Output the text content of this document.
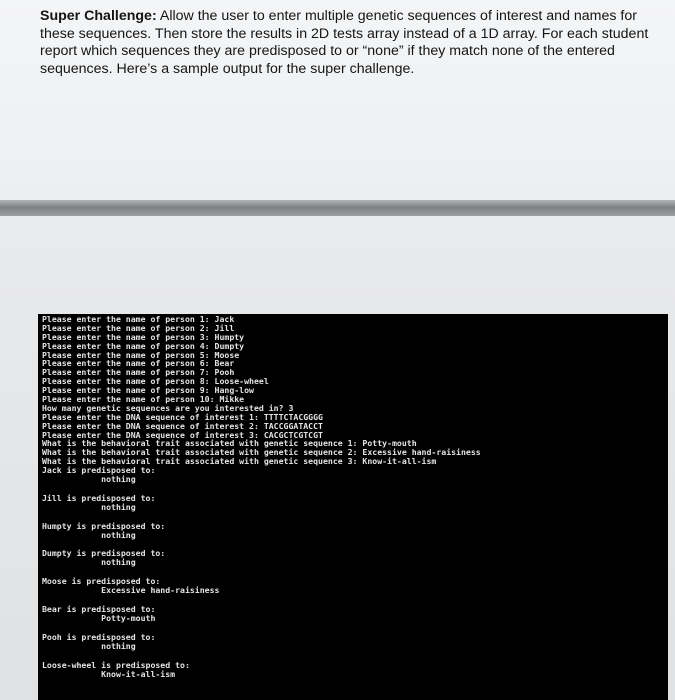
Super Challenge: Allow the user to enter multiple genetic sequences of interest and names for these sequences. Then store the results in 2D tests array instead of a 1D array. For each student report which sequences they are predisposed to or “none” if they match none of the entered sequences. Here’s a sample output for the super challenge.

Please enter the name of person 1: Jack
Please enter the name of person 2: Jill
Please enter the name of person 3: Humpty
Please enter the name of person 4: Dumpty
Please enter the name of person 5: Moose
Please enter the name of person 6: Bear
Please enter the name of person 7: Pooh
Please enter the name of person 8: Loose-wheel
Please enter the name of person 9: Hang-low
Please enter the name of person 10: Mikke
How many genetic sequences are you interested in? 3
Please enter the DNA sequence of interest 1: TTTTCTACGGGG
Please enter the DNA sequence of interest 2: TACCGGATACCT
Please enter the DNA sequence of interest 3: CACGCTCGTCGT
What is the behavioral trait associated with genetic sequence 1: Potty-mouth
What is the behavioral trait associated with genetic sequence 2: Excessive hand-raisiness
What is the behavioral trait associated with genetic sequence 3: Know-it-all-ism
Jack is predisposed to:
nothing
Jill is predisposed to:
nothing
Humpty is predisposed to:
nothing
Dumpty is predisposed to:
nothing
Moose is predisposed to:
Excessive hand-raisiness
Bear is predisposed to:
Potty-mouth
Pooh is predisposed to:
nothing
Loose-wheel is predisposed to:
Know-it-all-ism
